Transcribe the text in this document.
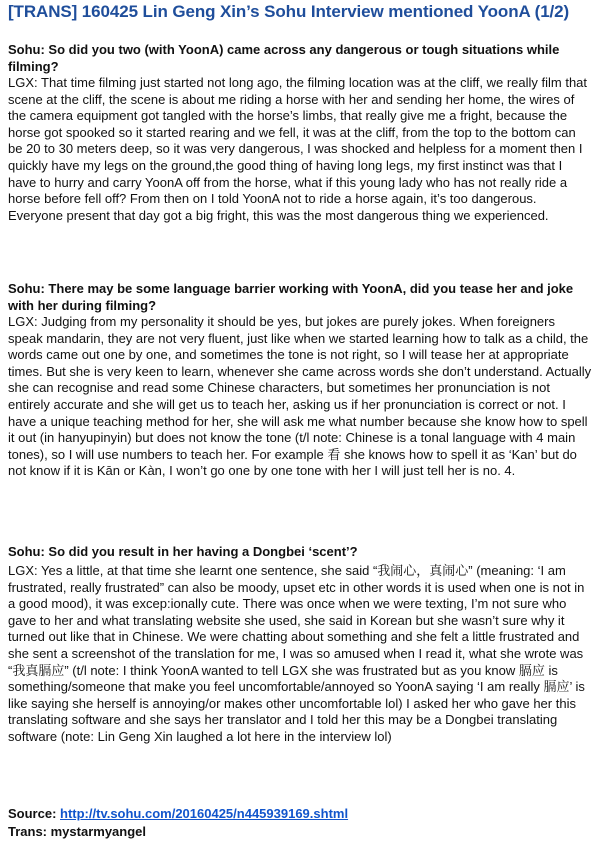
[TRANS] 160425 Lin Geng Xin’s Sohu Interview mentioned YoonA (1/2)
Sohu: So did you two (with YoonA) came across any dangerous or tough situations while filming?
LGX: That time filming just started not long ago, the filming location was at the cliff, we really film that scene at the cliff, the scene is about me riding a horse with her and sending her home, the wires of the camera equipment got tangled with the horse’s limbs, that really give me a fright, because the horse got spooked so it started rearing and we fell, it was at the cliff, from the top to the bottom can be 20 to 30 meters deep, so it was very dangerous, I was shocked and helpless for a moment then I quickly have my legs on the ground,the good thing of having long legs, my first instinct was that I have to hurry and carry YoonA off from the horse, what if this young lady who has not really ride a horse before fell off? From then on I told YoonA not to ride a horse again, it’s too dangerous. Everyone present that day got a big fright, this was the most dangerous thing we experienced.
Sohu: There may be some language barrier working with YoonA, did you tease her and joke with her during filming?
LGX: Judging from my personality it should be yes, but jokes are purely jokes. When foreigners speak mandarin, they are not very fluent, just like when we started learning how to talk as a child, the words came out one by one, and sometimes the tone is not right, so I will tease her at appropriate times. But she is very keen to learn, whenever she came across words she don’t understand. Actually she can recognise and read some Chinese characters, but sometimes her pronunciation is not entirely accurate and she will get us to teach her, asking us if her pronunciation is correct or not. I have a unique teaching method for her, she will ask me what number because she know how to spell it out (in hanyupinyin) but does not know the tone (t/l note: Chinese is a tonal language with 4 main tones), so I will use numbers to teach her. For example 看 she knows how to spell it as ‘Kan’ but do not know if it is Kān or Kàn, I won’t go one by one tone with her I will just tell her is no. 4.
Sohu: So did you result in her having a Dongbei ‘scent’?
LGX: Yes a little, at that time she learnt one sentence, she said “我闹心，真闹心” (meaning: ‘I am frustrated, really frustrated” can also be moody, upset etc in other words it is used when one is not in a good mood), it was excep:ionally cute. There was once when we were texting, I’m not sure who gave to her and what translating website she used, she said in Korean but she wasn’t sure why it turned out like that in Chinese. We were chatting about something and she felt a little frustrated and she sent a screenshot of the translation for me, I was so amused when I read it, what she wrote was “我真膈应” (t/l note: I think YoonA wanted to tell LGX she was frustrated but as you know 膈应 is something/someone that make you feel uncomfortable/annoyed so YoonA saying ‘I am really 膈应’ is like saying she herself is annoying/or makes other uncomfortable lol) I asked her who gave her this translating software and she says her translator and I told her this may be a Dongbei translating software (note: Lin Geng Xin laughed a lot here in the interview lol)
Source: http://tv.sohu.com/20160425/n445939169.shtml
Trans: mystarmyangel
